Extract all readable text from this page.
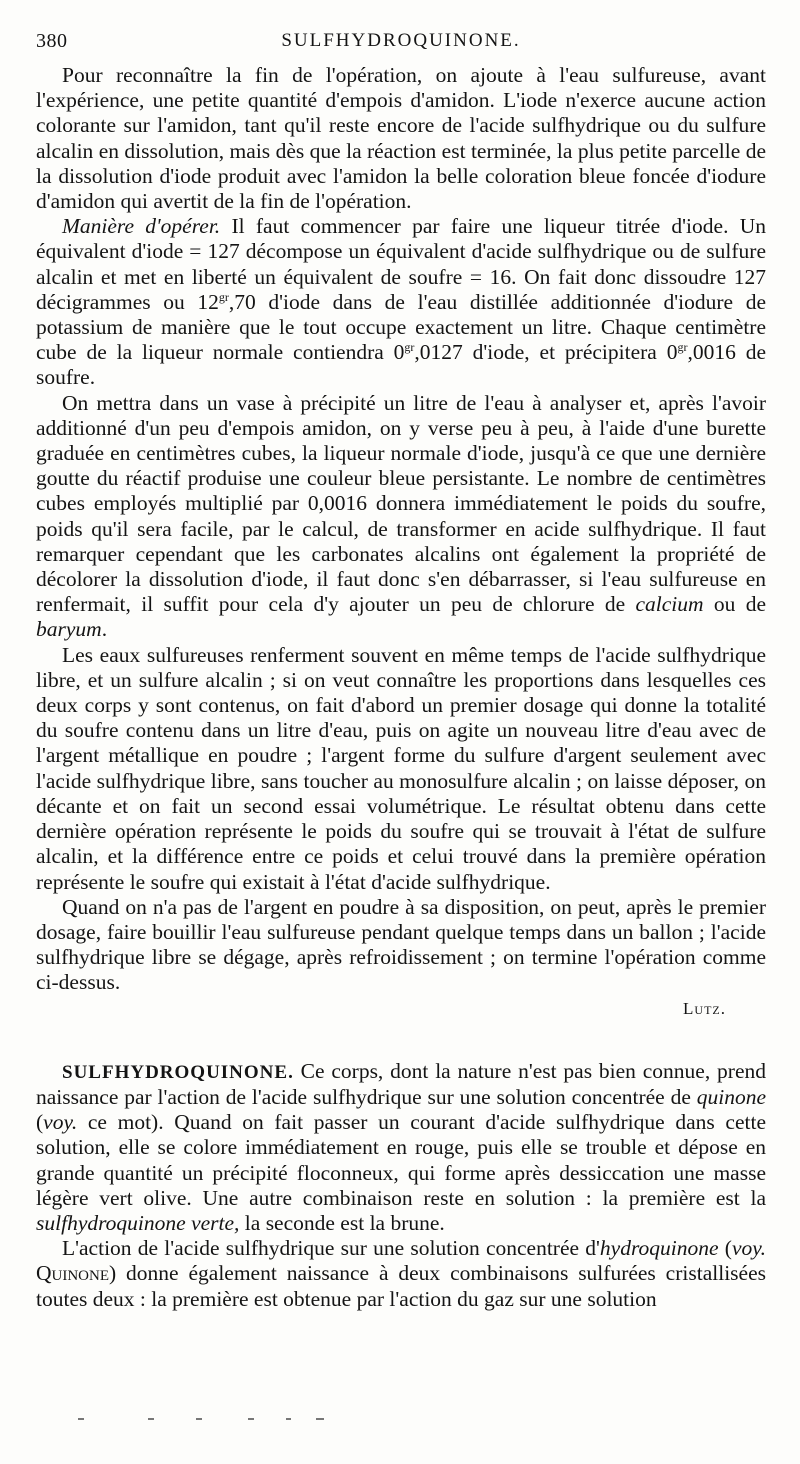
380	SULFHYDROQUINONE.

Pour reconnaître la fin de l'opération, on ajoute à l'eau sulfureuse, avant l'expérience, une petite quantité d'empois d'amidon. L'iode n'exerce aucune action colorante sur l'amidon, tant qu'il reste encore de l'acide sulfhydrique ou du sulfure alcalin en dissolution, mais dès que la réaction est terminée, la plus petite parcelle de la dissolution d'iode produit avec l'amidon la belle coloration bleue foncée d'iodure d'amidon qui avertit de la fin de l'opération.

Manière d'opérer. Il faut commencer par faire une liqueur titrée d'iode. Un équivalent d'iode = 127 décompose un équivalent d'acide sulfhydrique ou de sulfure alcalin et met en liberté un équivalent de soufre = 16. On fait donc dissoudre 127 décigrammes ou $12^{gr},70$ d'iode dans de l'eau distillée additionnée d'iodure de potassium de manière que le tout occupe exactement un litre. Chaque centimètre cube de la liqueur normale contiendra $0^{gr},0127$ d'iode, et précipitera $0^{gr},0016$ de soufre.

On mettra dans un vase à précipité un litre de l'eau à analyser et, après l'avoir additionné d'un peu d'empois amidon, on y verse peu à peu, à l'aide d'une burette graduée en centimètres cubes, la liqueur normale d'iode, jusqu'à ce que une dernière goutte du réactif produise une couleur bleue persistante. Le nombre de centimètres cubes employés multiplié par 0,0016 donnera immédiatement le poids du soufre, poids qu'il sera facile, par le calcul, de transformer en acide sulfhydrique. Il faut remarquer cependant que les carbonates alcalins ont également la propriété de décolorer la dissolution d'iode, il faut donc s'en débarrasser, si l'eau sulfureuse en renfermait, il suffit pour cela d'y ajouter un peu de chlorure de calcium ou de baryum.

Les eaux sulfureuses renferment souvent en même temps de l'acide sulfhydrique libre, et un sulfure alcalin ; si on veut connaître les proportions dans lesquelles ces deux corps y sont contenus, on fait d'abord un premier dosage qui donne la totalité du soufre contenu dans un litre d'eau, puis on agite un nouveau litre d'eau avec de l'argent métallique en poudre ; l'argent forme du sulfure d'argent seulement avec l'acide sulfhydrique libre, sans toucher au monosulfure alcalin ; on laisse déposer, on décante et on fait un second essai volumétrique. Le résultat obtenu dans cette dernière opération représente le poids du soufre qui se trouvait à l'état de sulfure alcalin, et la différence entre ce poids et celui trouvé dans la première opération représente le soufre qui existait à l'état d'acide sulfhydrique.

Quand on n'a pas de l'argent en poudre à sa disposition, on peut, après le premier dosage, faire bouillir l'eau sulfureuse pendant quelque temps dans un ballon ; l'acide sulfhydrique libre se dégage, après refroidissement ; on termine l'opération comme ci-dessus.
Lutz.

SULFHYDROQUINONE. Ce corps, dont la nature n'est pas bien connue, prend naissance par l'action de l'acide sulfhydrique sur une solution concentrée de quinone (voy. ce mot). Quand on fait passer un courant d'acide sulfhydrique dans cette solution, elle se colore immédiatement en rouge, puis elle se trouble et dépose en grande quantité un précipité floconneux, qui forme après dessiccation une masse légère vert olive. Une autre combinaison reste en solution : la première est la sulfhydroquinone verte, la seconde est la brune.

L'action de l'acide sulfhydrique sur une solution concentrée d'hydroquinone (voy. Quinone) donne également naissance à deux combinaisons sulfurées cristallisées toutes deux : la première est obtenue par l'action du gaz sur une solution
